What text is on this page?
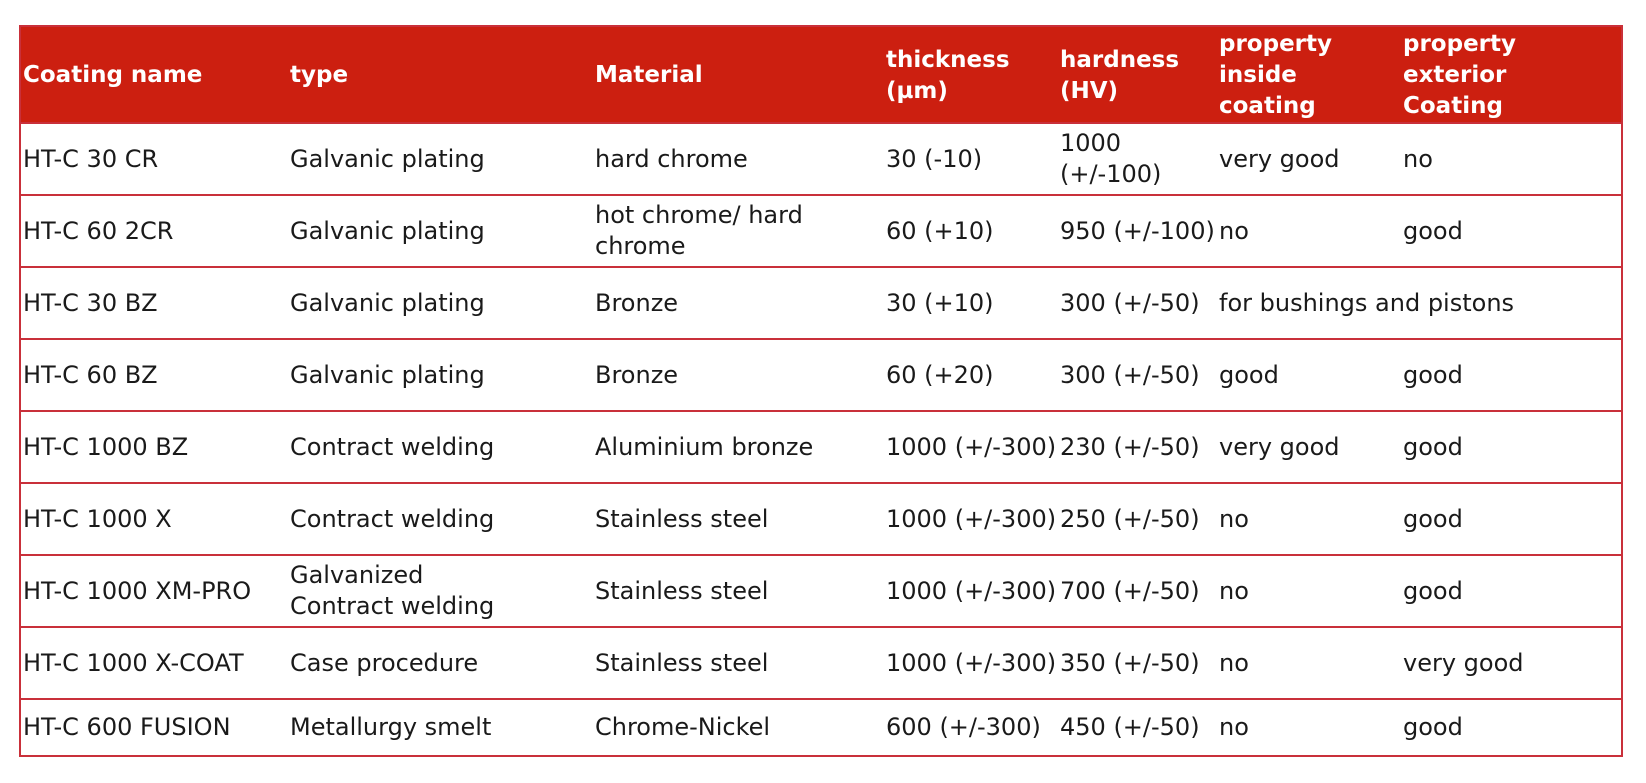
Coating name	type	Material	thickness (µm)	hardness (HV)	property inside coating	property exterior Coating
HT-C 30 CR	Galvanic plating	hard chrome	30 (-10)	1000 (+/-100)	very good	no
HT-C 60 2CR	Galvanic plating	hot chrome/ hard chrome	60 (+10)	950 (+/-100)	no	good
HT-C 30 BZ	Galvanic plating	Bronze	30 (+10)	300 (+/-50)	for bushings and pistons	
HT-C 60 BZ	Galvanic plating	Bronze	60 (+20)	300 (+/-50)	good	good
HT-C 1000 BZ	Contract welding	Aluminium bronze	1000 (+/-300)	230 (+/-50)	very good	good
HT-C 1000 X	Contract welding	Stainless steel	1000 (+/-300)	250 (+/-50)	no	good
HT-C 1000 XM-PRO	Galvanized Contract welding	Stainless steel	1000 (+/-300)	700 (+/-50)	no	good
HT-C 1000 X-COAT	Case procedure	Stainless steel	1000 (+/-300)	350 (+/-50)	no	very good
HT-C 600 FUSION	Metallurgy smelt	Chrome-Nickel	600 (+/-300)	450 (+/-50)	no	good
